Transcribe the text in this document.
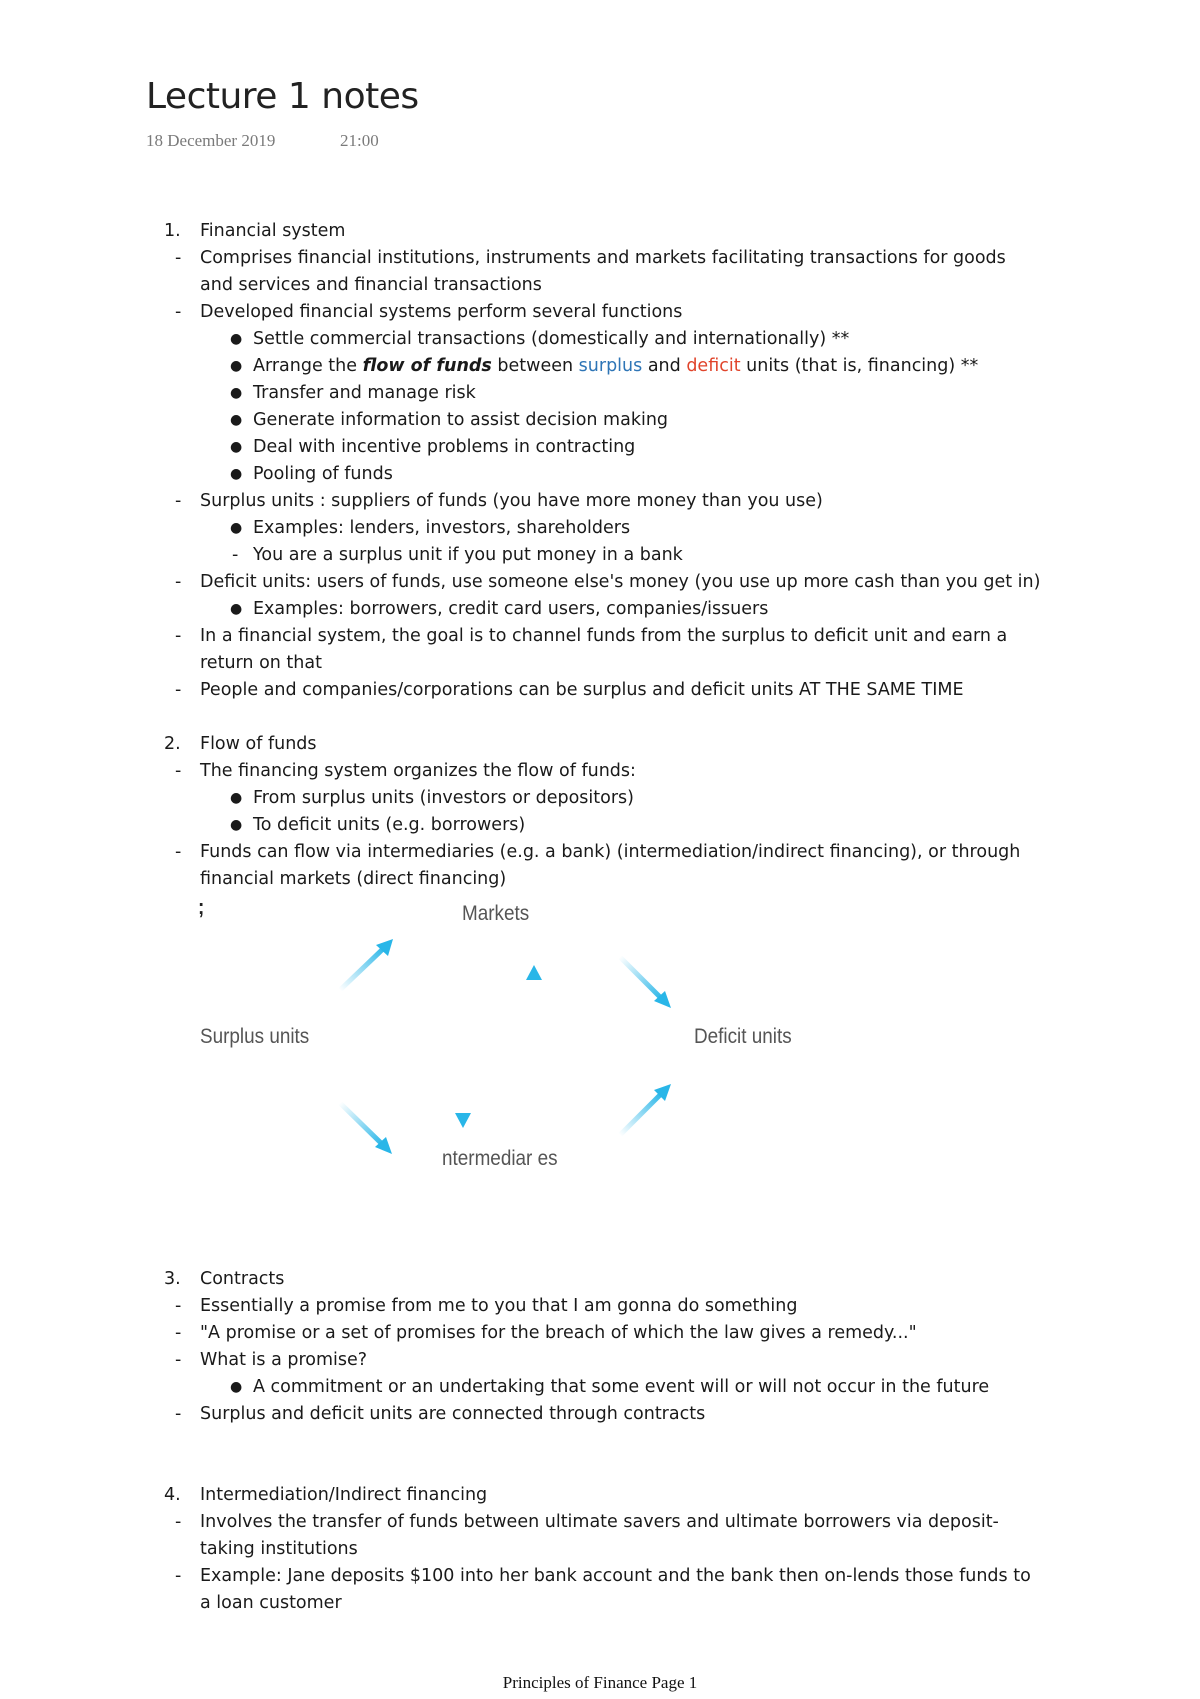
Lecture 1 notes
18 December 2019	21:00
1.	Financial system
- Comprises financial institutions, instruments and markets facilitating transactions for goods
and services and financial transactions
- Developed financial systems perform several functions
● Settle commercial transactions (domestically and internationally) **
● Arrange the flow of funds between surplus and deficit units (that is, financing) **
● Transfer and manage risk
● Generate information to assist decision making
● Deal with incentive problems in contracting
● Pooling of funds
- Surplus units : suppliers of funds (you have more money than you use)
● Examples: lenders, investors, shareholders
- You are a surplus unit if you put money in a bank
- Deficit units: users of funds, use someone else's money (you use up more cash than you get in)
● Examples: borrowers, credit card users, companies/issuers
- In a financial system, the goal is to channel funds from the surplus to deficit unit and earn a
return on that
- People and companies/corporations can be surplus and deficit units AT THE SAME TIME
2.	Flow of funds
- The financing system organizes the flow of funds:
● From surplus units (investors or depositors)
● To deficit units (e.g. borrowers)
- Funds can flow via intermediaries (e.g. a bank) (intermediation/indirect financing), or through
financial markets (direct financing)
3.	Contracts
- Essentially a promise from me to you that I am gonna do something
- "A promise or a set of promises for the breach of which the law gives a remedy..."
- What is a promise?
● A commitment or an undertaking that some event will or will not occur in the future
- Surplus and deficit units are connected through contracts
4.	Intermediation/Indirect financing
- Involves the transfer of funds between ultimate savers and ultimate borrowers via deposit-
taking institutions
- Example: Jane deposits $100 into her bank account and the bank then on-lends those funds to
a loan customer
;	Markets
Surplus units	Deficit units
ntermediar es
Principles of Finance Page 1
